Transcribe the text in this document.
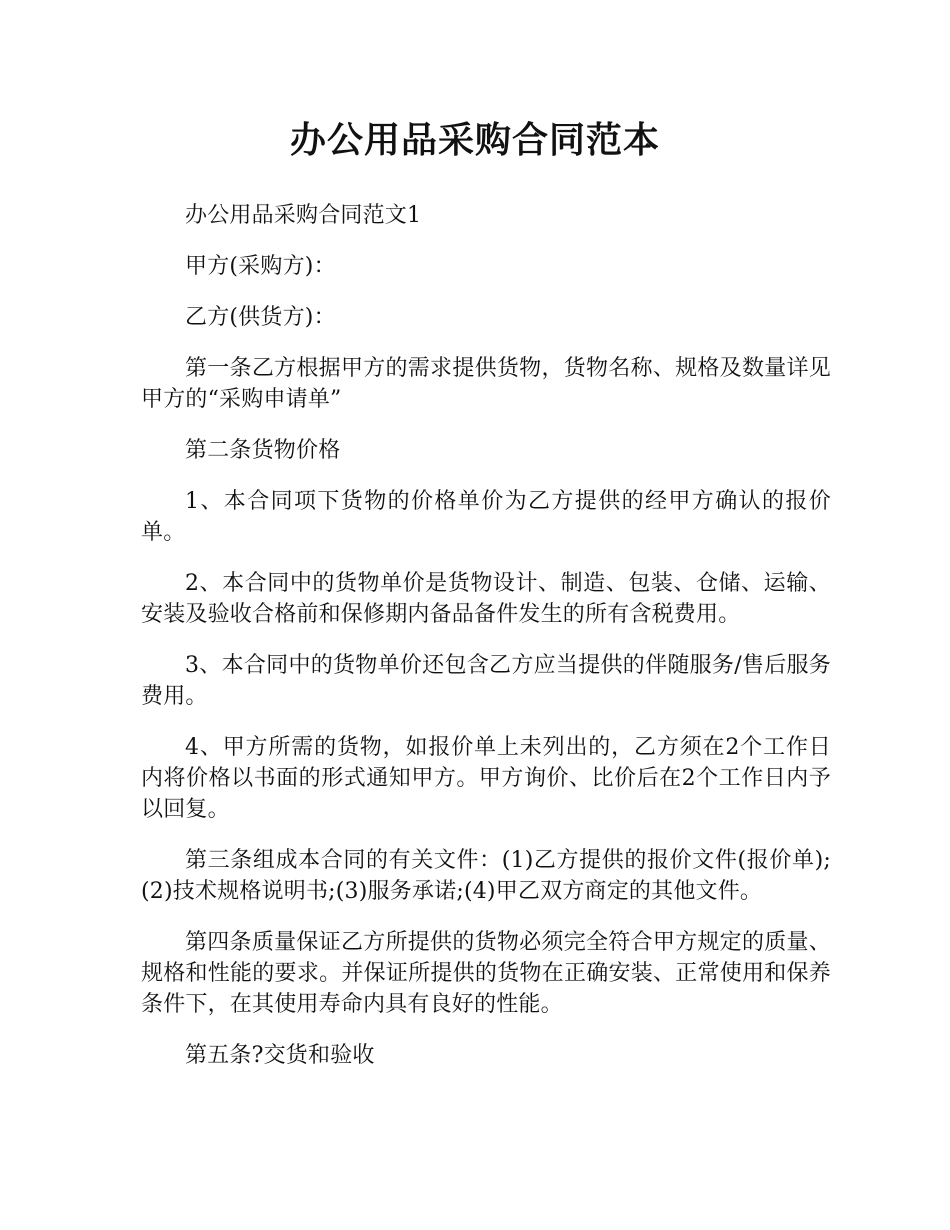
办公用品采购合同范本

办公用品采购合同范文1

甲方(采购方)：

乙方(供货方)：

第一条乙方根据甲方的需求提供货物，货物名称、规格及数量详见甲方的“采购申请单”

第二条货物价格

1、本合同项下货物的价格单价为乙方提供的经甲方确认的报价单。

2、本合同中的货物单价是货物设计、制造、包装、仓储、运输、安装及验收合格前和保修期内备品备件发生的所有含税费用。

3、本合同中的货物单价还包含乙方应当提供的伴随服务/售后服务费用。

4、甲方所需的货物，如报价单上未列出的，乙方须在2个工作日内将价格以书面的形式通知甲方。甲方询价、比价后在2个工作日内予以回复。

第三条组成本合同的有关文件：(1)乙方提供的报价文件(报价单);(2)技术规格说明书;(3)服务承诺;(4)甲乙双方商定的其他文件。

第四条质量保证乙方所提供的货物必须完全符合甲方规定的质量、规格和性能的要求。并保证所提供的货物在正确安装、正常使用和保养条件下，在其使用寿命内具有良好的性能。

第五条?交货和验收
